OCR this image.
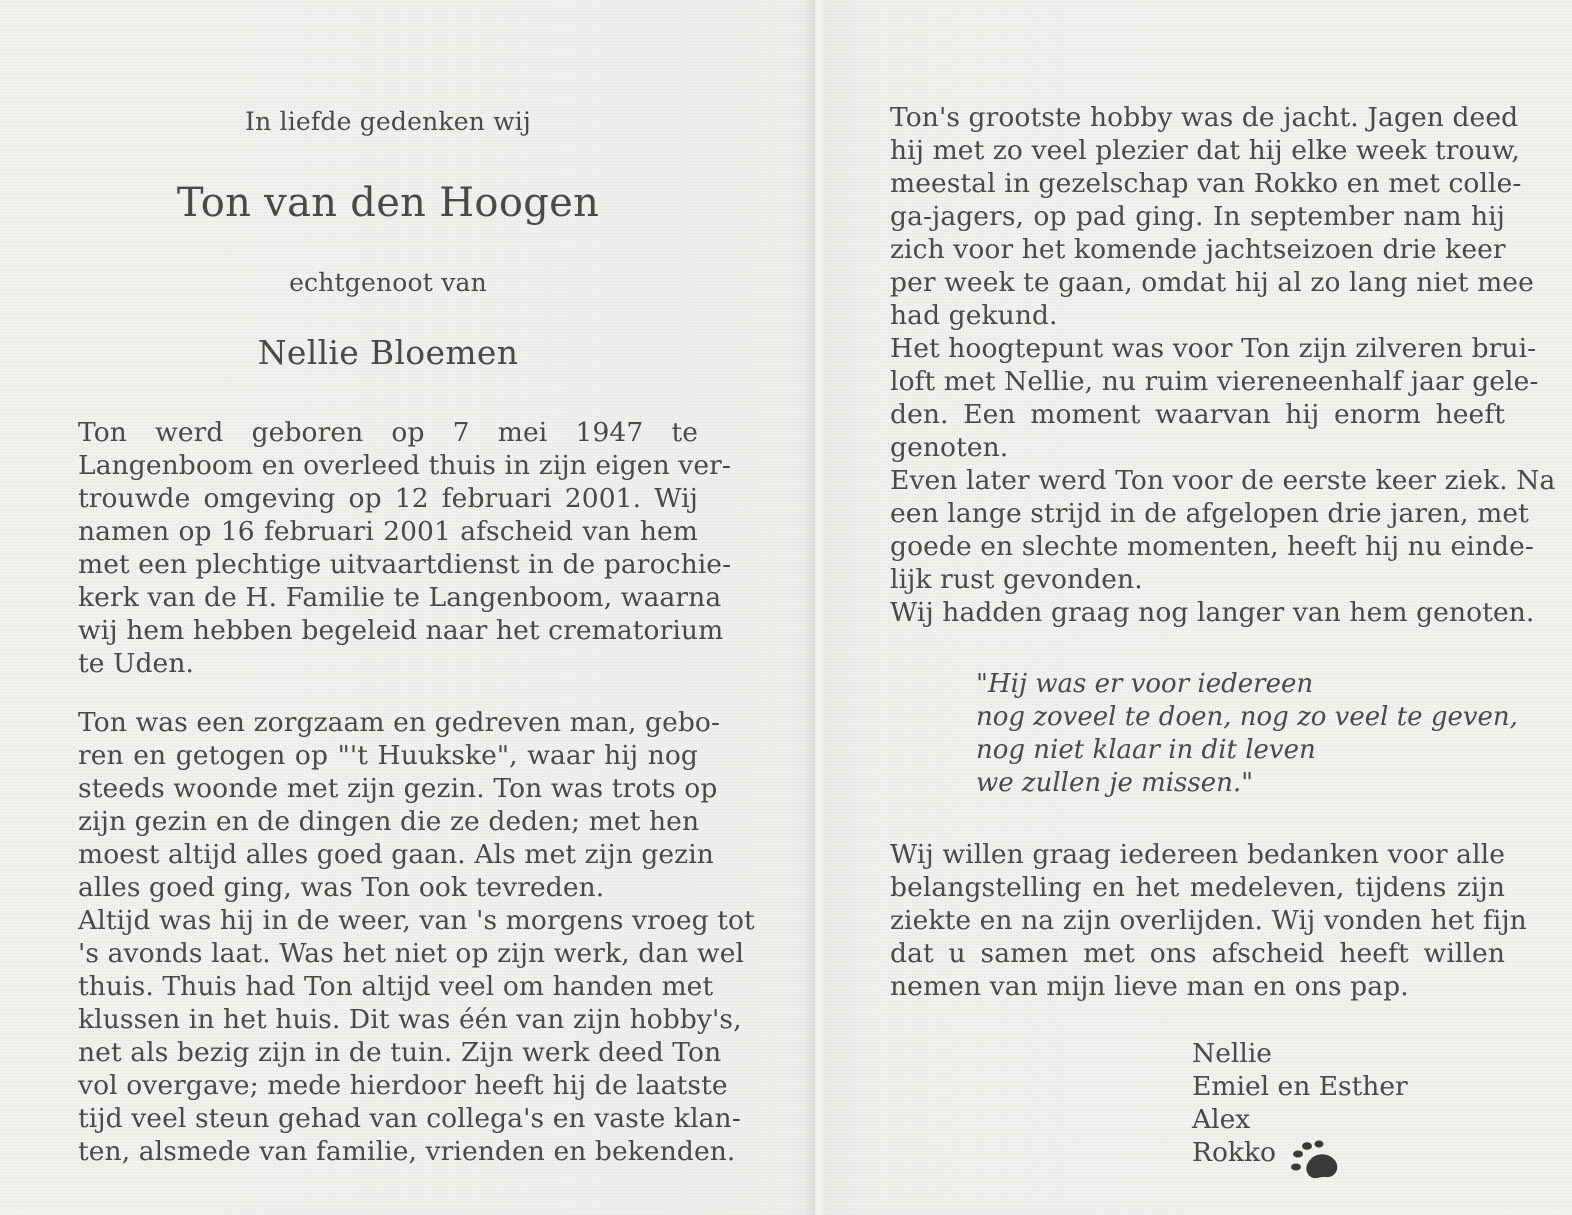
In liefde gedenken wij
Ton van den Hoogen
echtgenoot van
Nellie Bloemen
Ton werd geboren op 7 mei 1947 te
Langenboom en overleed thuis in zijn eigen ver-
trouwde omgeving op 12 februari 2001. Wij
namen op 16 februari 2001 afscheid van hem
met een plechtige uitvaartdienst in de parochie-
kerk van de H. Familie te Langenboom, waarna
wij hem hebben begeleid naar het crematorium
te Uden.
Ton was een zorgzaam en gedreven man, gebo-
ren en getogen op "'t Huukske", waar hij nog
steeds woonde met zijn gezin. Ton was trots op
zijn gezin en de dingen die ze deden; met hen
moest altijd alles goed gaan. Als met zijn gezin
alles goed ging, was Ton ook tevreden.
Altijd was hij in de weer, van 's morgens vroeg tot
's avonds laat. Was het niet op zijn werk, dan wel
thuis. Thuis had Ton altijd veel om handen met
klussen in het huis. Dit was één van zijn hobby's,
net als bezig zijn in de tuin. Zijn werk deed Ton
vol overgave; mede hierdoor heeft hij de laatste
tijd veel steun gehad van collega's en vaste klan-
ten, alsmede van familie, vrienden en bekenden.
Ton's grootste hobby was de jacht. Jagen deed
hij met zo veel plezier dat hij elke week trouw,
meestal in gezelschap van Rokko en met colle-
ga-jagers, op pad ging. In september nam hij
zich voor het komende jachtseizoen drie keer
per week te gaan, omdat hij al zo lang niet mee
had gekund.
Het hoogtepunt was voor Ton zijn zilveren brui-
loft met Nellie, nu ruim viereneenhalf jaar gele-
den. Een moment waarvan hij enorm heeft
genoten.
Even later werd Ton voor de eerste keer ziek. Na
een lange strijd in de afgelopen drie jaren, met
goede en slechte momenten, heeft hij nu einde-
lijk rust gevonden.
Wij hadden graag nog langer van hem genoten.
"Hij was er voor iedereen
nog zoveel te doen, nog zo veel te geven,
nog niet klaar in dit leven
we zullen je missen."
Wij willen graag iedereen bedanken voor alle
belangstelling en het medeleven, tijdens zijn
ziekte en na zijn overlijden. Wij vonden het fijn
dat u samen met ons afscheid heeft willen
nemen van mijn lieve man en ons pap.
Nellie
Emiel en Esther
Alex
Rokko
